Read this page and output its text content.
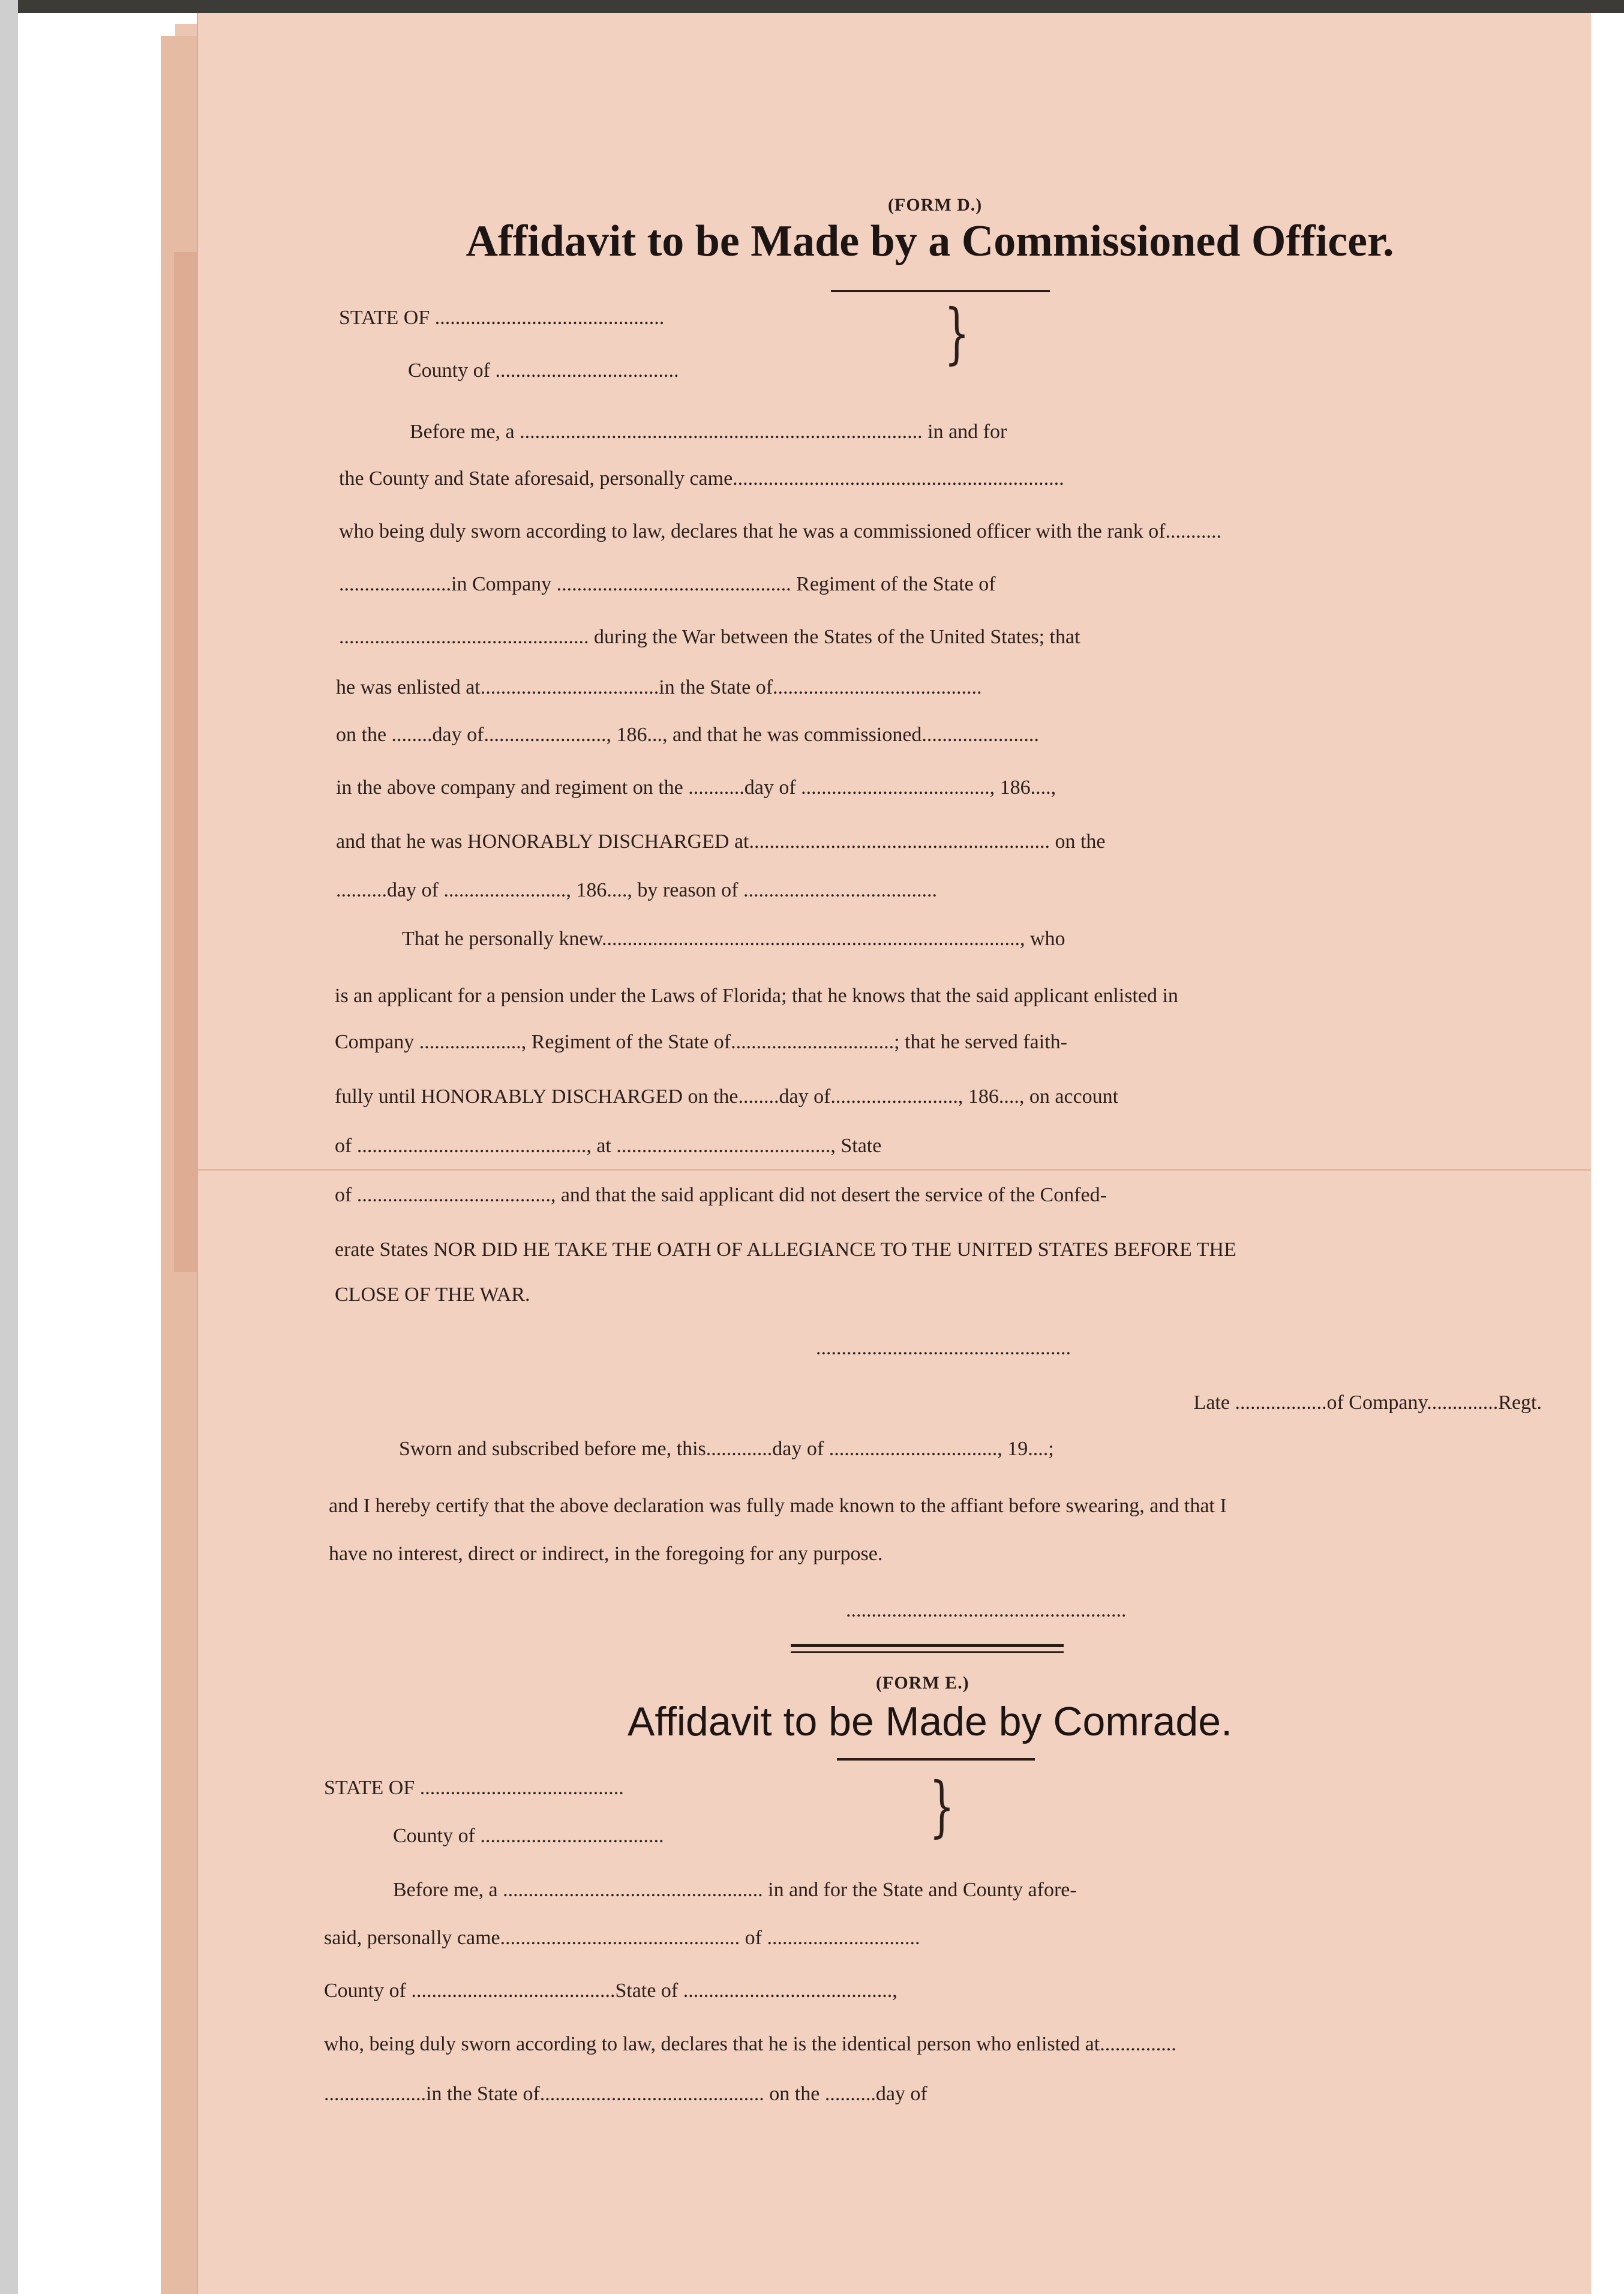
(FORM D.)
Affidavit to be Made by a Commissioned Officer.
STATE OF .............................................
County of ....................................	}
Before me, a ............................................................................... in and for
the County and State aforesaid, personally came.................................................................
who being duly sworn according to law, declares that he was a commissioned officer with the rank of...........
......................in Company .............................................. Regiment of the State of
................................................. during the War between the States of the United States; that
he was enlisted at...................................in the State of.........................................
on the ........day of........................, 186..., and that he was commissioned.......................
in the above company and regiment on the ...........day of ....................................., 186....,
and that he was HONORABLY DISCHARGED at........................................................... on the
..........day of ........................, 186...., by reason of ......................................
That he personally knew.................................................................................., who
is an applicant for a pension under the Laws of Florida; that he knows that the said applicant enlisted in
Company ...................., Regiment of the State of................................; that he served faith-
fully until HONORABLY DISCHARGED on the........day of........................., 186...., on account
of ............................................., at .........................................., State
of ......................................, and that the said applicant did not desert the service of the Confed-
erate States NOR DID HE TAKE THE OATH OF ALLEGIANCE TO THE UNITED STATES BEFORE THE
CLOSE OF THE WAR.
..................................................
Late ..................of Company..............Regt.
Sworn and subscribed before me, this.............day of ................................., 19....;
and I hereby certify that the above declaration was fully made known to the affiant before swearing, and that I
have no interest, direct or indirect, in the foregoing for any purpose.
.......................................................
(FORM E.)
Affidavit to be Made by Comrade.
STATE OF ........................................
County of ....................................	}
Before me, a ................................................... in and for the State and County afore-
said, personally came............................................... of ..............................
County of ........................................State of .........................................,
who, being duly sworn according to law, declares that he is the identical person who enlisted at...............
....................in the State of............................................ on the ..........day of
